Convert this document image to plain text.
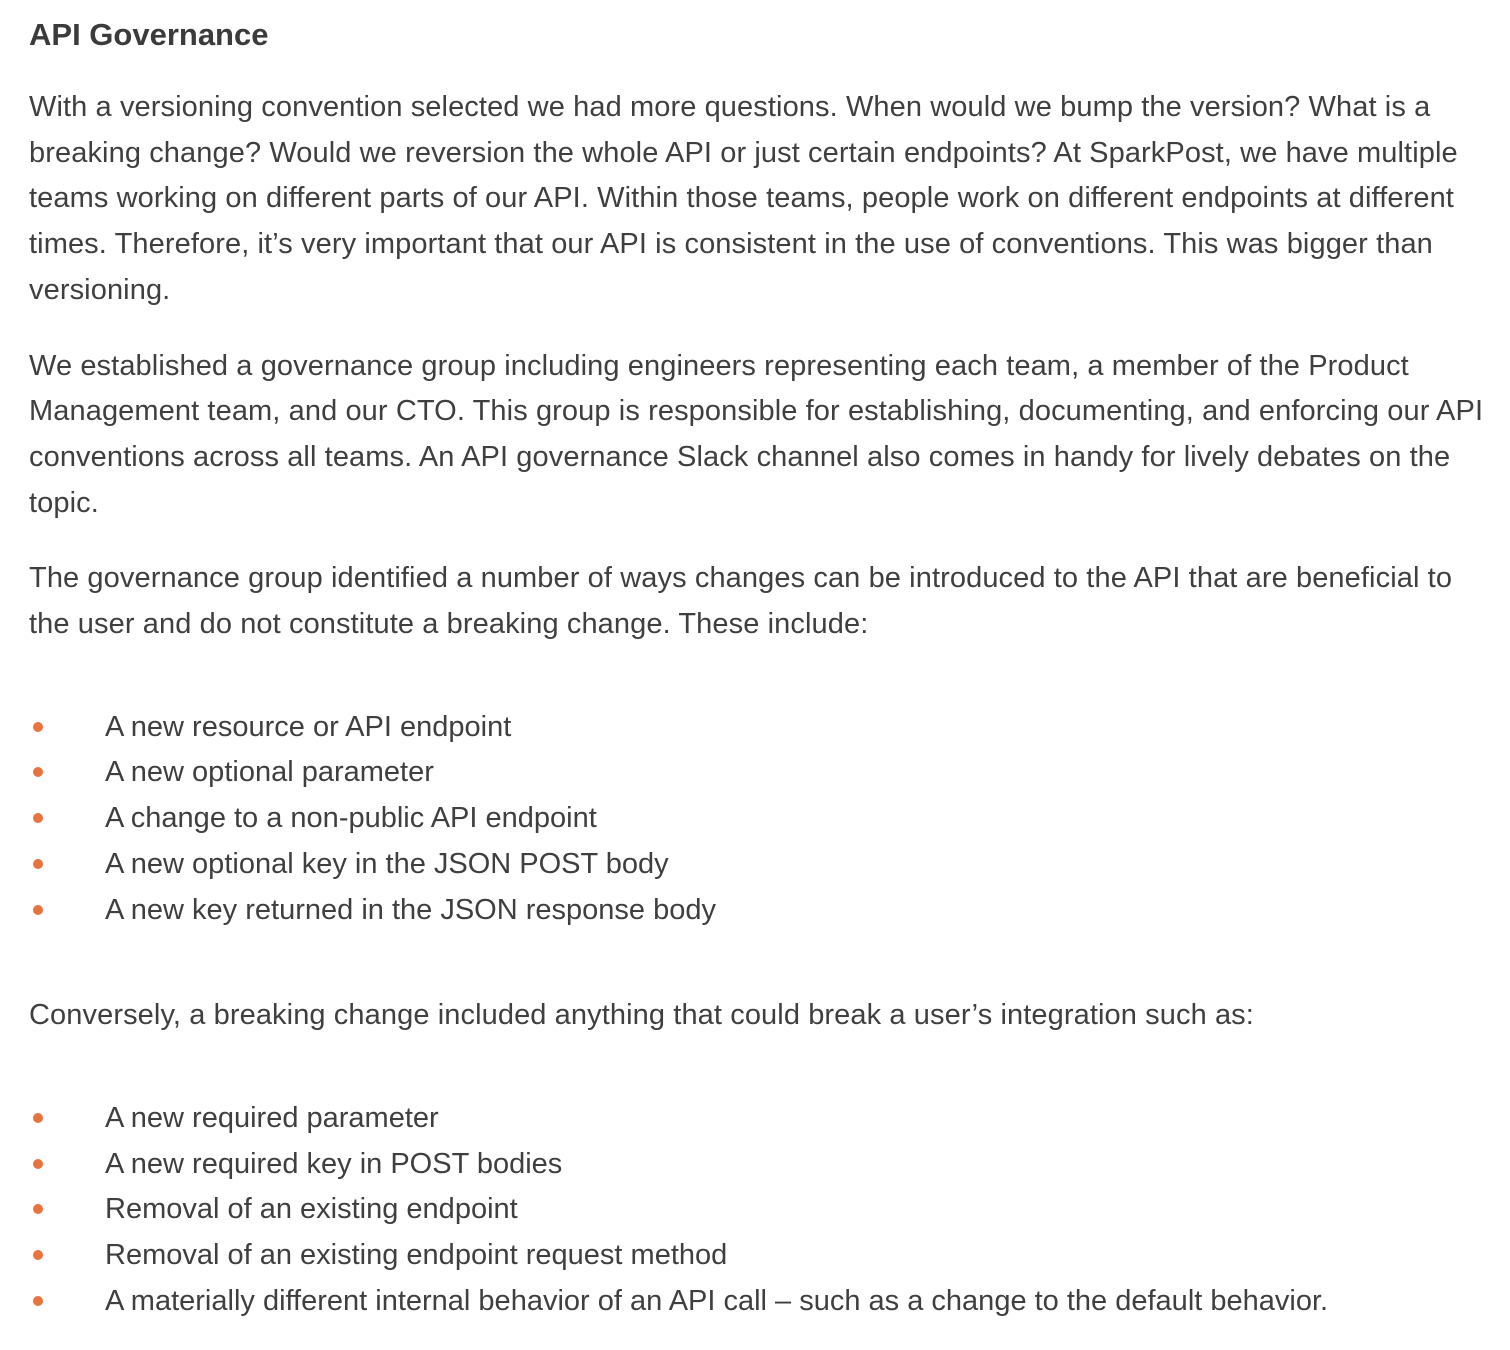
API Governance

With a versioning convention selected we had more questions. When would we bump the version? What is a breaking change? Would we reversion the whole API or just certain endpoints? At SparkPost, we have multiple teams working on different parts of our API. Within those teams, people work on different endpoints at different times. Therefore, it’s very important that our API is consistent in the use of conventions. This was bigger than versioning.

We established a governance group including engineers representing each team, a member of the Product Management team, and our CTO. This group is responsible for establishing, documenting, and enforcing our API conventions across all teams. An API governance Slack channel also comes in handy for lively debates on the topic.

The governance group identified a number of ways changes can be introduced to the API that are beneficial to the user and do not constitute a breaking change. These include:

A new resource or API endpoint
A new optional parameter
A change to a non-public API endpoint
A new optional key in the JSON POST body
A new key returned in the JSON response body

Conversely, a breaking change included anything that could break a user’s integration such as:

A new required parameter
A new required key in POST bodies
Removal of an existing endpoint
Removal of an existing endpoint request method
A materially different internal behavior of an API call – such as a change to the default behavior.
